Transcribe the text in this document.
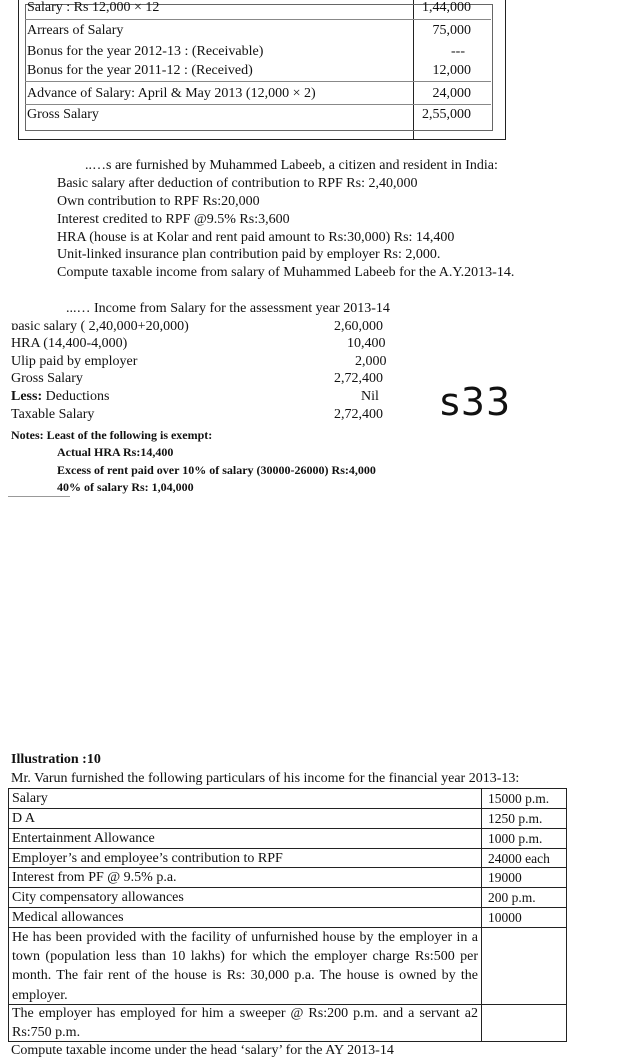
Salary : Rs 12,000 × 12	1,44,000
Arrears of Salary	75,000
Bonus for the year 2012-13 : (Receivable)	---
Bonus for the year 2011-12 : (Received)	12,000
Advance of Salary: April & May 2013 (12,000 × 2)	24,000
Gross Salary	2,55,000
..…s are furnished by Muhammed Labeeb, a citizen and resident in India:
Basic salary after deduction of contribution to RPF Rs: 2,40,000
Own contribution to RPF Rs:20,000
Interest credited to RPF @9.5% Rs:3,600
HRA (house is at Kolar and rent paid amount to Rs:30,000) Rs: 14,400
Unit-linked insurance plan contribution paid by employer Rs: 2,000.
Compute taxable income from salary of Muhammed Labeeb for the A.Y.2013-14.
...… Income from Salary for the assessment year 2013-14
ɒasic salary ( 2,40,000+20,000)	2,60,000
HRA (14,400-4,000)	10,400
Ulip paid by employer	2,000
Gross Salary	2,72,400
Less: Deductions	Nil
Taxable Salary	2,72,400 s33
Notes: Least of the following is exempt:
Actual HRA Rs:14,400
Excess of rent paid over 10% of salary (30000-26000) Rs:4,000
40% of salary Rs: 1,04,000
Illustration :10
Mr. Varun furnished the following particulars of his income for the financial year 2013-13:
Salary	15000 p.m.
D A	1250 p.m.
Entertainment Allowance	1000 p.m.
Employer’s and employee’s contribution to RPF	24000 each
Interest from PF @ 9.5% p.a.	19000
City compensatory allowances	200 p.m.
Medical allowances	10000
He has been provided with the facility of unfurnished house by the employer in a town (population less than 10 lakhs) for which the employer charge Rs:500 per month. The fair rent of the house is Rs: 30,000 p.a. The house is owned by the employer.
The employer has employed for him a sweeper @ Rs:200 p.m. and a servant a2 Rs:750 p.m.
Compute taxable income under the head ‘salary’ for the AY 2013-14
